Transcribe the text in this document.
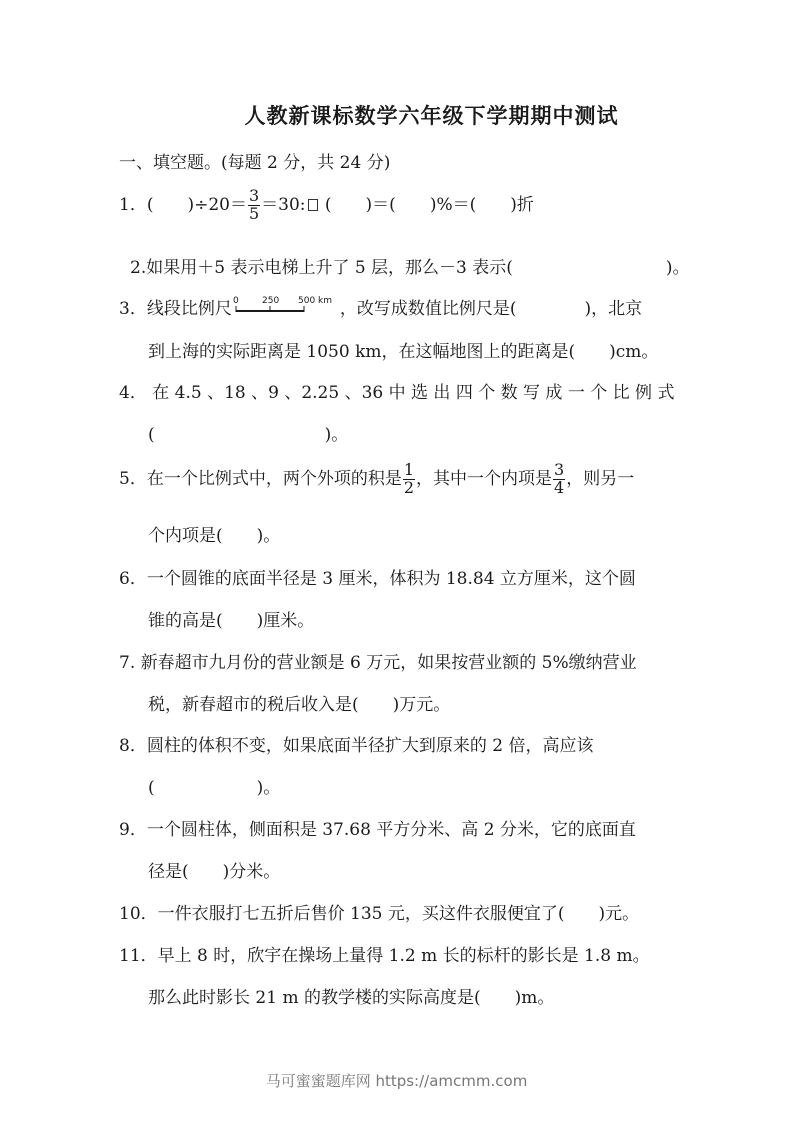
人教新课标数学六年级下学期期中测试
一、填空题。(每题 2 分，共 24 分)
1．(　　)$\div 20= \frac{3}{5} =30$: (　　)＝(　　)%＝(　　)折
2.如果用＋5 表示电梯上升了 5 层，那么－3 表示(　　　　　　　　　)。
3．线段比例尺 0	250 500 km ，改写成数值比例尺是(　　　　)，北京
到上海的实际距离是 1050 km，在这幅地图上的距离是(　　)cm。
4． 在 4.5 、18 、9 、2.25 、36 中 选 出 四 个 数 写 成 一 个 比 例 式
(　　　　　　　　　　)。
5．在一个比例式中，两个外项的积是 $\frac{1}{2}$ ，其中一个内项是 $\frac{3}{4}$ ，则另一
个内项是(　　)。
6．一个圆锥的底面半径是 3 厘米，体积为 18.84 立方厘米，这个圆
锥的高是(　　)厘米。
7. 新春超市九月份的营业额是 6 万元，如果按营业额的 5%缴纳营业
税，新春超市的税后收入是(　　)万元。
8．圆柱的体积不变，如果底面半径扩大到原来的 2 倍，高应该
(　　　　　　)。
9．一个圆柱体，侧面积是 37.68 平方分米、高 2 分米，它的底面直
径是(　　)分米。
10．一件衣服打七五折后售价 135 元，买这件衣服便宜了(　　)元。
11．早上 8 时，欣宇在操场上量得 1.2 m 长的标杆的影长是 1.8 m。
那么此时影长 21 m 的教学楼的实际高度是(　　)m。
马可蜜蜜题库网 https://amcmm.com
